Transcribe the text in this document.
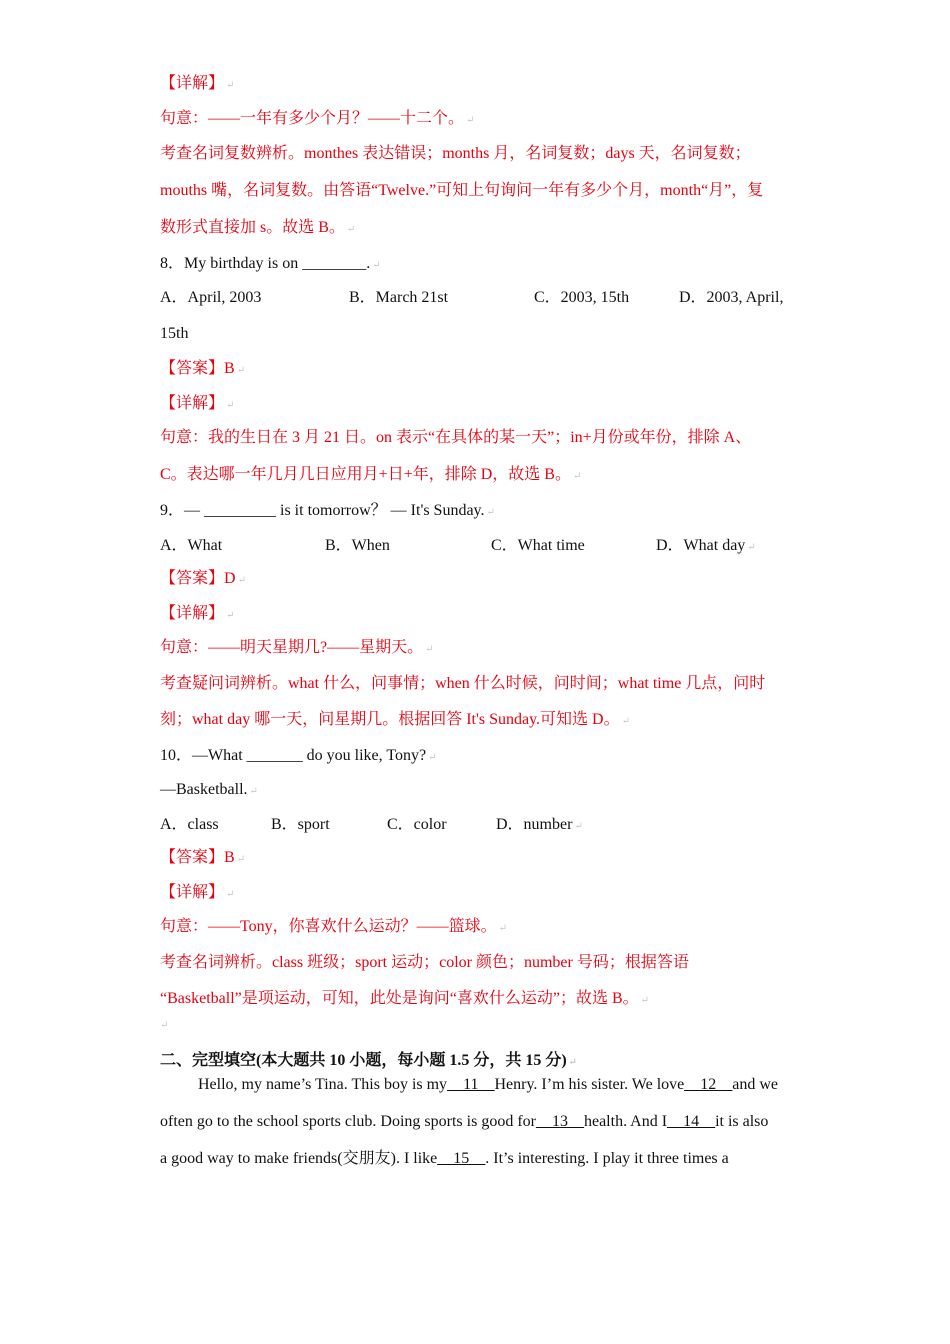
【详解】 ↵
句意：——一年有多少个月？——十二个。 ↵
考查名词复数辨析。monthes 表达错误；months 月，名词复数；days 天，名词复数；
mouths 嘴，名词复数。由答语“Twelve.”可知上句询问一年有多少个月，month“月”，复
数形式直接加 s。故选 B。 ↵
8．My birthday is on ________. ↵
A．April, 2003	B．March 21st	C．2003, 15th	D．2003, April,
15th
【答案】B ↵
【详解】 ↵
句意：我的生日在 3 月 21 日。on 表示“在具体的某一天”；in+月份或年份，排除 A、
C。表达哪一年几月几日应用月+日+年，排除 D，故选 B。 ↵
9．— _________ is it tomorrow？ — It's Sunday. ↵
A．What	B．When	C．What time	D．What day ↵
【答案】D ↵
【详解】 ↵
句意：——明天星期几?——星期天。 ↵
考查疑问词辨析。what 什么，问事情；when 什么时候，问时间；what time 几点，问时
刻；what day 哪一天，问星期几。根据回答 It's Sunday.可知选 D。 ↵
10．—What _______ do you like, Tony? ↵
—Basketball. ↵
A．class	B．sport	C．color	D．number ↵
【答案】B ↵
【详解】 ↵
句意：——Tony，你喜欢什么运动？——篮球。 ↵
考查名词辨析。class 班级；sport 运动；color 颜色；number 号码；根据答语
“Basketball”是项运动，可知，此处是询问“喜欢什么运动”；故选 B。 ↵
↵
二、完型填空(本大题共 10 小题，每小题 1.5 分，共 15 分) ↵
Hello, my name’s Tina. This boy is my__11__Henry. I’m his sister. We love__12__and we
often go to the school sports club. Doing sports is good for__13__health. And I__14__it is also
a good way to make friends(交朋友). I like__15__. It’s interesting. I play it three times a
